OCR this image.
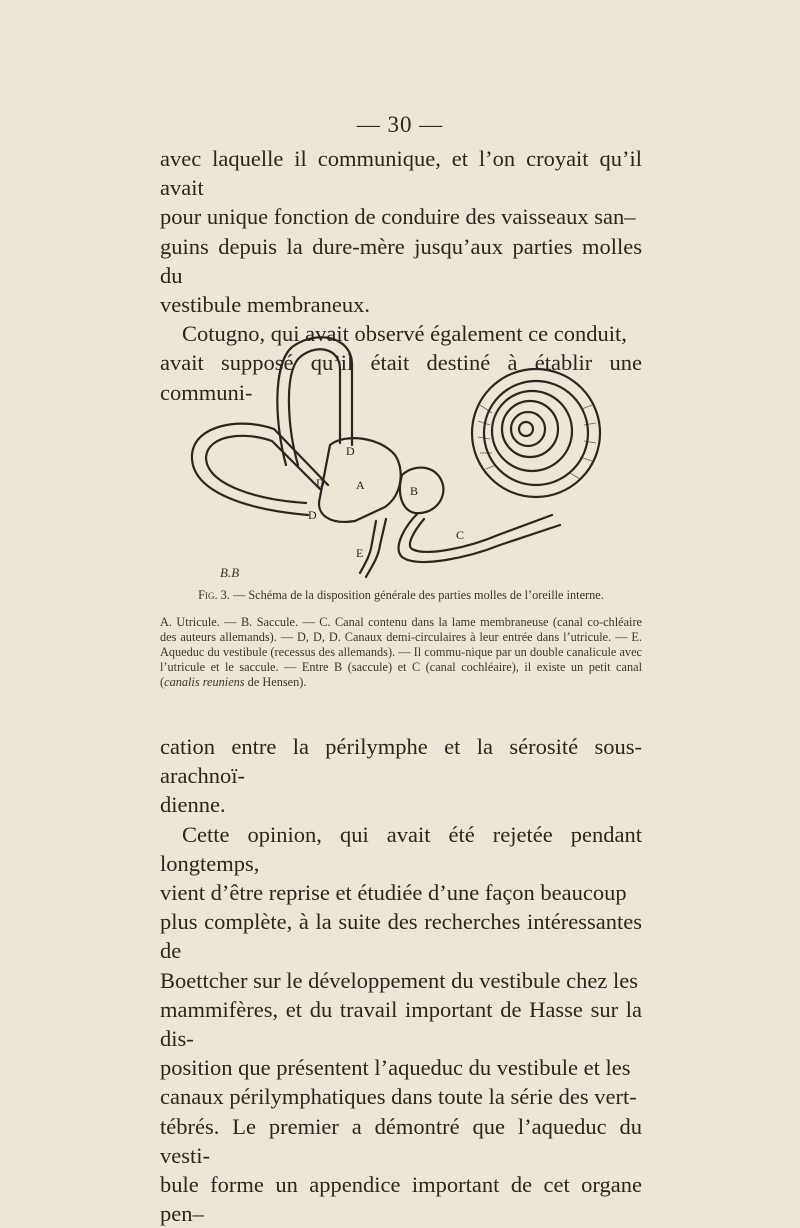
— 30 —
avec laquelle il communique, et l’on croyait qu’il avait
pour unique fonction de conduire des vaisseaux san–
guins depuis la dure-mère jusqu’aux parties molles du
vestibule membraneux.
Cotugno, qui avait observé également ce conduit,
avait supposé qu’il était destiné à établir une communi-
D
A	B
D
D
E
C
B.B

Fig. 3. — Schéma de la disposition générale des parties molles de l’oreille interne.

A. Utricule. — B. Saccule. — C. Canal contenu dans la lame membraneuse (canal co-chléaire des auteurs allemands). — D, D, D. Canaux demi-circulaires à leur entrée dans l’utricule. — E. Aqueduc du vestibule (recessus des allemands). — Il commu-nique par un double canalicule avec l’utricule et le saccule. — Entre B (saccule) et C (canal cochléaire), il existe un petit canal (canalis reuniens de Hensen).

cation entre la périlymphe et la sérosité sous-arachnoï-
dienne.
Cette opinion, qui avait été rejetée pendant longtemps,
vient d’être reprise et étudiée d’une façon beaucoup
plus complète, à la suite des recherches intéressantes de
Boettcher sur le développement du vestibule chez les
mammifères, et du travail important de Hasse sur la dis-
position que présentent l’aqueduc du vestibule et les
canaux périlymphatiques dans toute la série des vert-
tébrés. Le premier a démontré que l’aqueduc du vesti-
bule forme un appendice important de cet organe pen–
